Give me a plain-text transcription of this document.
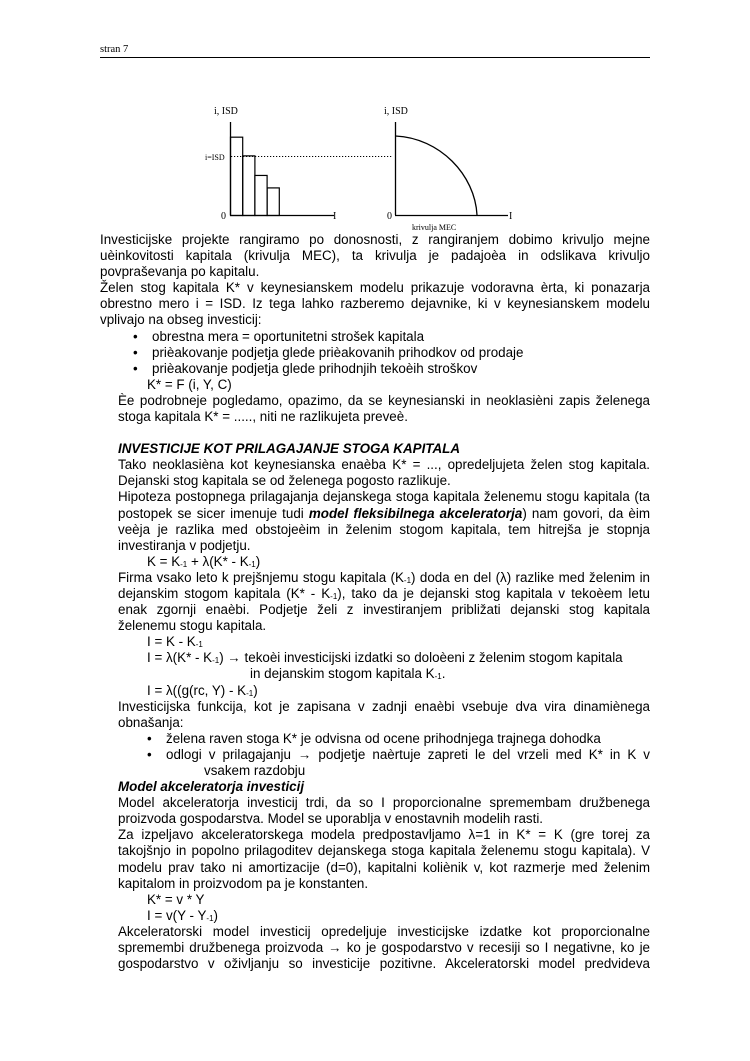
stran 7
i, ISD
I
0
i=ISD
i, ISD
I
0
krivulja MEC

Investicijske projekte rangiramo po donosnosti, z rangiranjem dobimo krivuljo mejne uèinkovitosti kapitala (krivulja MEC), ta krivulja je padajoèa in odslikava krivuljo povpraševanja po kapitalu.

Želen stog kapitala K* v keynesianskem modelu prikazuje vodoravna èrta, ki ponazarja obrestno mero i = ISD. Iz tega lahko razberemo dejavnike, ki v keynesianskem modelu vplivajo na obseg investicij:

• obrestna mera = oportunitetni strošek kapitala
• prièakovanje podjetja glede prièakovanih prihodkov od prodaje
• prièakovanje podjetja glede prihodnjih tekoèih stroškov

K* = F (i, Y, C)

Èe podrobneje pogledamo, opazimo, da se keynesianski in neoklasièni zapis želenega stoga kapitala K* = ....., niti ne razlikujeta preveè.

INVESTICIJE KOT PRILAGAJANJE STOGA KAPITALA

Tako neoklasièna kot keynesianska enaèba K* = ..., opredeljujeta želen stog kapitala. Dejanski stog kapitala se od želenega pogosto razlikuje.

Hipoteza postopnega prilagajanja dejanskega stoga kapitala želenemu stogu kapitala (ta postopek se sicer imenuje tudi model fleksibilnega akceleratorja) nam govori, da èim veèja je razlika med obstojeèim in želenim stogom kapitala, tem hitrejša je stopnja investiranja v podjetju.

$K = K_{-1} + \lambda(K* - K_{-1})$

Firma vsako leto k prejšnjemu stogu kapitala $(K_{-1})$ doda en del (λ) razlike med želenim in dejanskim stogom kapitala $(K* - K_{-1})$, tako da je dejanski stog kapitala v tekoèem letu enak zgornji enaèbi. Podjetje želi z investiranjem približati dejanski stog kapitala želenemu stogu kapitala.

$I = K - K_{-1}$

$I = \lambda(K* - K_{-1})$ → tekoèi investicijski izdatki so doloèeni z želenim stogom kapitala

in dejanskim stogom kapitala $K_{-1}$.

I = λ((g(rc, $Y) - K_{-1}$)

Investicijska funkcija, kot je zapisana v zadnji enaèbi vsebuje dva vira dinamiènega obnašanja:

• želena raven stoga K* je odvisna od ocene prihodnjega trajnega dohodka
• odlogi v prilagajanju → podjetje naèrtuje zapreti le del vrzeli med K* in K v
vsakem razdobju

Model akceleratorja investicij

Model akceleratorja investicij trdi, da so I proporcionalne spremembam družbenega proizvoda gospodarstva. Model se uporablja v enostavnih modelih rasti.

Za izpeljavo akceleratorskega modela predpostavljamo λ=1 in K* = K (gre torej za takojšnjo in popolno prilagoditev dejanskega stoga kapitala želenemu stogu kapitala). V modelu prav tako ni amortizacije (d=0), kapitalni koliènik v, kot razmerje med želenim kapitalom in proizvodom pa je konstanten.

K* = v * Y

$I = v(Y - Y_{-1})$

Akceleratorski model investicij opredeljuje investicijske izdatke kot proporcionalne spremembi družbenega proizvoda → ko je gospodarstvo v recesiji so I negativne, ko je gospodarstvo v oživljanju so investicije pozitivne. Akceleratorski model predvideva
